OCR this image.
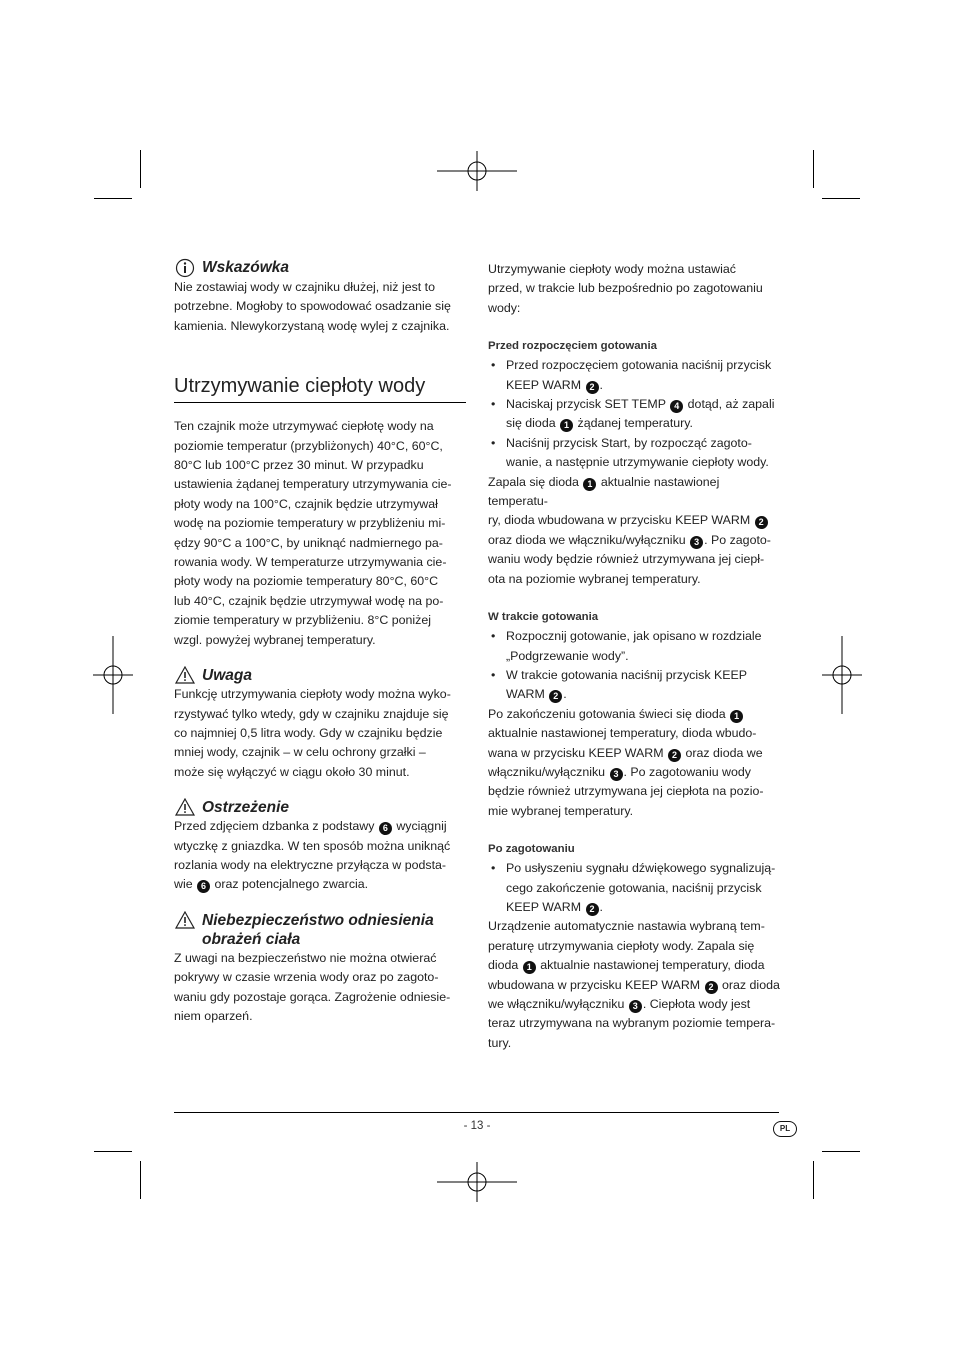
Wskazówka

Nie zostawiaj wody w czajniku dłużej, niż jest to

potrzebne. Mogłoby to spowodować osadzanie się

kamienia. Nlewykorzystaną wodę wylej z czajnika.

Utrzymywanie ciepłoty wody

Ten czajnik może utrzymywać ciepłotę wody na

poziomie temperatur (przybliżonych) 40°C, 60°C,

80°C lub 100°C przez 30 minut. W przypadku

ustawienia żądanej temperatury utrzymywania cie-

płoty wody na 100°C, czajnik będzie utrzymywał

wodę na poziomie temperatury w przybliżeniu mi-

ędzy 90°C a 100°C, by uniknąć nadmiernego pa-

rowania wody. W temperaturze utrzymywania cie-

płoty wody na poziomie temperatury 80°C, 60°C

lub 40°C, czajnik będzie utrzymywał wodę na po-

ziomie temperatury w przybliżeniu. 8°C poniżej

wzgl. powyżej wybranej temperatury.

Uwaga

Funkcję utrzymywania ciepłoty wody można wyko-

rzystywać tylko wtedy, gdy w czajniku znajduje się

co najmniej 0,5 litra wody. Gdy w czajniku będzie

mniej wody, czajnik – w celu ochrony grzałki –

może się wyłączyć w ciągu około 30 minut.

Ostrzeżenie

Przed zdjęciem dzbanka z podstawy 6 wyciągnij

wtyczkę z gniazdka. W ten sposób można uniknąć

rozlania wody na elektryczne przyłącza w podsta-

wie 6 oraz potencjalnego zwarcia.

Niebezpieczeństwo odniesienia
obrażeń ciała

Z uwagi na bezpieczeństwo nie można otwierać

pokrywy w czasie wrzenia wody oraz po zagoto-

waniu gdy pozostaje gorąca. Zagrożenie odniesie-

niem oparzeń.

Utrzymywanie ciepłoty wody można ustawiać

przed, w trakcie lub bezpośrednio po zagotowaniu

wody:

Przed rozpoczęciem gotowania

• Przed rozpoczęciem gotowania naciśnij przycisk
KEEP WARM 2 .
• Naciskaj przycisk SET TEMP 4 dotąd, aż zapali
się dioda 1 żądanej temperatury.
• Naciśnij przycisk Start, by rozpocząć zagoto-
wanie, a następnie utrzymywanie ciepłoty wody.

Zapala się dioda 1 aktualnie nastawionej temperatu-

ry, dioda wbudowana w przycisku KEEP WARM 2

oraz dioda we włączniku/wyłączniku 3 . Po zagoto-

waniu wody będzie również utrzymywana jej ciepł-

ota na poziomie wybranej temperatury.

W trakcie gotowania

• Rozpocznij gotowanie, jak opisano w rozdziale
„Podgrzewanie wody”.
• W trakcie gotowania naciśnij przycisk KEEP
WARM 2 .

Po zakończeniu gotowania świeci się dioda 1

aktualnie nastawionej temperatury, dioda wbudo-

wana w przycisku KEEP WARM 2 oraz dioda we

włączniku/wyłączniku 3 . Po zagotowaniu wody

będzie również utrzymywana jej ciepłota na pozio-

mie wybranej temperatury.

Po zagotowaniu

• Po usłyszeniu sygnału dźwiękowego sygnalizują-
cego zakończenie gotowania, naciśnij przycisk
KEEP WARM 2 .

Urządzenie automatycznie nastawia wybraną tem-

peraturę utrzymywania ciepłoty wody. Zapala się

dioda 1 aktualnie nastawionej temperatury, dioda

wbudowana w przycisku KEEP WARM 2 oraz dioda

we włączniku/wyłączniku 3 . Ciepłota wody jest

teraz utrzymywana na wybranym poziomie tempera-

tury.

- 13 -	PL
